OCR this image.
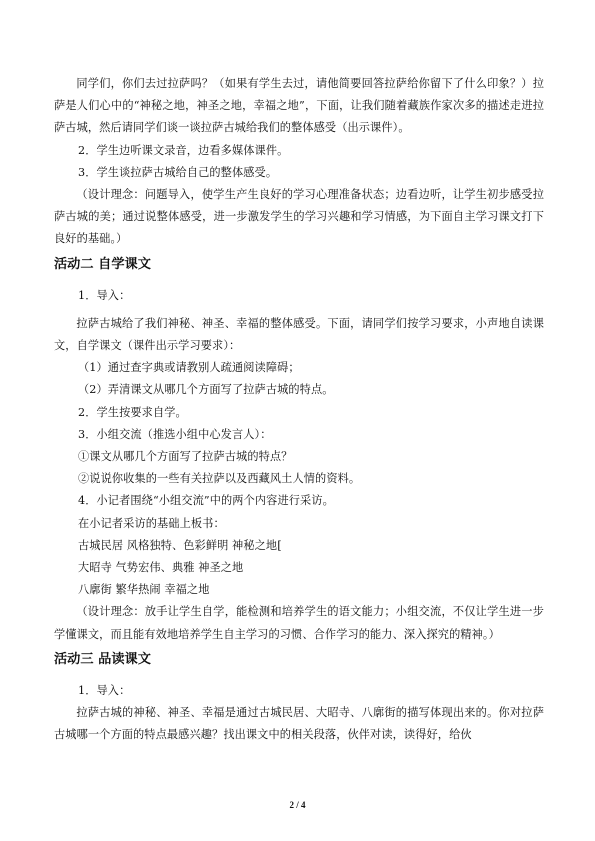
同学们，你们去过拉萨吗？（如果有学生去过，请他简要回答拉萨给你留下了什么印象？）拉萨是人们心中的“神秘之地，神圣之地，幸福之地”，下面，让我们随着藏族作家次多的描述走进拉萨古城，然后请同学们谈一谈拉萨古城给我们的整体感受（出示课件）。

2．学生边听课文录音，边看多媒体课件。

3．学生谈拉萨古城给自己的整体感受。

（设计理念：问题导入，使学生产生良好的学习心理准备状态；边看边听，让学生初步感受拉萨古城的美；通过说整体感受，进一步激发学生的学习兴趣和学习情感，为下面自主学习课文打下良好的基础。）

活动二 自学课文

1．导入：

拉萨古城给了我们神秘、神圣、幸福的整体感受。下面，请同学们按学习要求，小声地自读课文，自学课文（课件出示学习要求）：

（1）通过查字典或请教别人疏通阅读障碍；

（2）弄清课文从哪几个方面写了拉萨古城的特点。

2．学生按要求自学。

3．小组交流（推选小组中心发言人）：

①课文从哪几个方面写了拉萨古城的特点？

②说说你收集的一些有关拉萨以及西藏风土人情的资料。

4．小记者围绕“小组交流”中的两个内容进行采访。

在小记者采访的基础上板书：

古城民居 风格独特、色彩鲜明 神秘之地[

大昭寺 气势宏伟、典雅 神圣之地

八廓街 繁华热闹 幸福之地

（设计理念：放手让学生自学，能检测和培养学生的语文能力；小组交流，不仅让学生进一步学懂课文，而且能有效地培养学生自主学习的习惯、合作学习的能力、深入探究的精神。）

活动三 品读课文

1．导入：

拉萨古城的神秘、神圣、幸福是通过古城民居、大昭寺、八廓街的描写体现出来的。你对拉萨古城哪一个方面的特点最感兴趣？找出课文中的相关段落，伙伴对读，读得好，给伙

2 / 4
